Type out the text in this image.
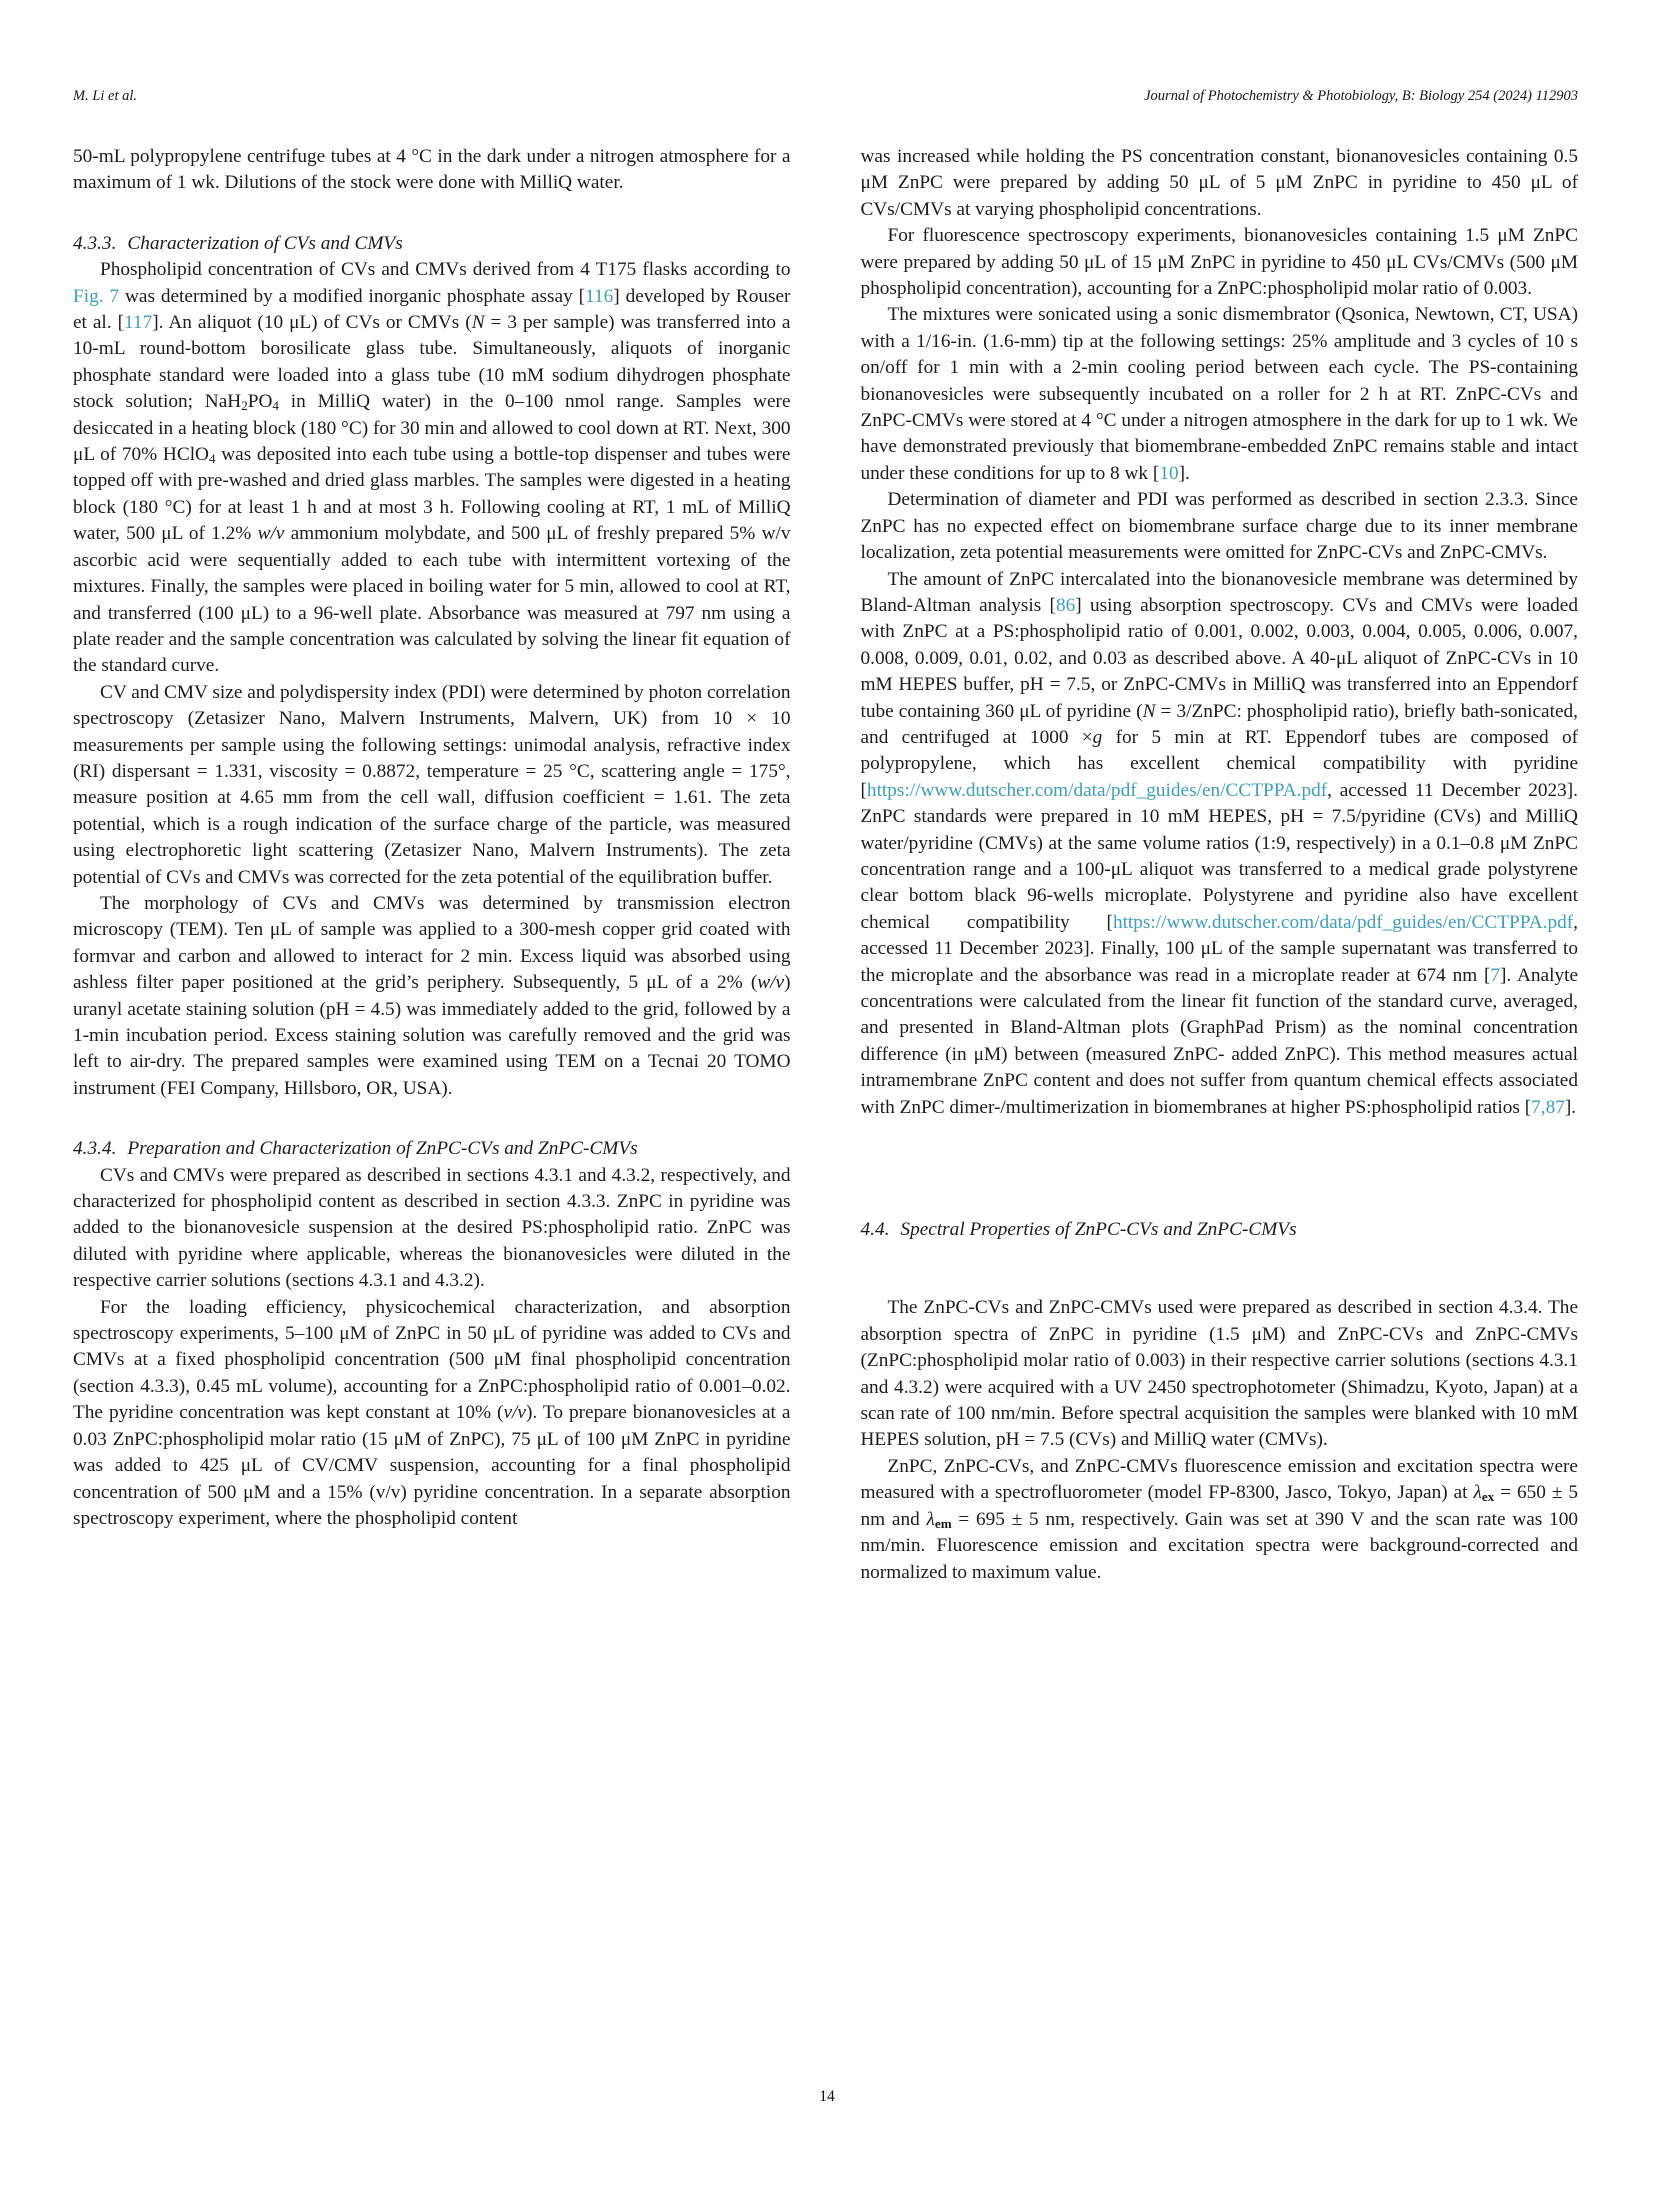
M. Li et al.	Journal of Photochemistry & Photobiology, B: Biology 254 (2024) 112903

50-mL polypropylene centrifuge tubes at 4 °C in the dark under a nitrogen atmosphere for a maximum of 1 wk. Dilutions of the stock were done with MilliQ water.

4.3.3. Characterization of CVs and CMVs

Phospholipid concentration of CVs and CMVs derived from 4 T175 flasks according to Fig. 7 was determined by a modified inorganic phosphate assay [116] developed by Rouser et al. [117]. An aliquot (10 μL) of CVs or CMVs (N = 3 per sample) was transferred into a 10-mL round-bottom borosilicate glass tube. Simultaneously, aliquots of inorganic phosphate standard were loaded into a glass tube (10 mM sodium dihydrogen phosphate stock solution; NaH2PO4 in MilliQ water) in the 0–100 nmol range. Samples were desiccated in a heating block (180 °C) for 30 min and allowed to cool down at RT. Next, 300 μL of 70% HClO4 was deposited into each tube using a bottle-top dispenser and tubes were topped off with pre-washed and dried glass marbles. The samples were digested in a heating block (180 °C) for at least 1 h and at most 3 h. Following cooling at RT, 1 mL of MilliQ water, 500 μL of 1.2% w/v ammonium molybdate, and 500 μL of freshly prepared 5% w/v ascorbic acid were sequentially added to each tube with intermittent vortexing of the mixtures. Finally, the samples were placed in boiling water for 5 min, allowed to cool at RT, and transferred (100 μL) to a 96-well plate. Absorbance was measured at 797 nm using a plate reader and the sample concentration was calculated by solving the linear fit equation of the standard curve.

CV and CMV size and polydispersity index (PDI) were determined by photon correlation spectroscopy (Zetasizer Nano, Malvern Instruments, Malvern, UK) from 10 × 10 measurements per sample using the following settings: unimodal analysis, refractive index (RI) dispersant = 1.331, viscosity = 0.8872, temperature = 25 °C, scattering angle = 175°, measure position at 4.65 mm from the cell wall, diffusion coefficient = 1.61. The zeta potential, which is a rough indication of the surface charge of the particle, was measured using electrophoretic light scattering (Zetasizer Nano, Malvern Instruments). The zeta potential of CVs and CMVs was corrected for the zeta potential of the equilibration buffer.

The morphology of CVs and CMVs was determined by transmission electron microscopy (TEM). Ten μL of sample was applied to a 300-mesh copper grid coated with formvar and carbon and allowed to interact for 2 min. Excess liquid was absorbed using ashless filter paper positioned at the grid’s periphery. Subsequently, 5 μL of a 2% (w/v) uranyl acetate staining solution (pH = 4.5) was immediately added to the grid, followed by a 1-min incubation period. Excess staining solution was carefully removed and the grid was left to air-dry. The prepared samples were examined using TEM on a Tecnai 20 TOMO instrument (FEI Company, Hillsboro, OR, USA).

4.3.4. Preparation and Characterization of ZnPC-CVs and ZnPC-CMVs

CVs and CMVs were prepared as described in sections 4.3.1 and 4.3.2, respectively, and characterized for phospholipid content as described in section 4.3.3. ZnPC in pyridine was added to the bionanovesicle suspension at the desired PS:phospholipid ratio. ZnPC was diluted with pyridine where applicable, whereas the bionanovesicles were diluted in the respective carrier solutions (sections 4.3.1 and 4.3.2).

For the loading efficiency, physicochemical characterization, and absorption spectroscopy experiments, 5–100 μM of ZnPC in 50 μL of pyridine was added to CVs and CMVs at a fixed phospholipid concentration (500 μM final phospholipid concentration (section 4.3.3), 0.45 mL volume), accounting for a ZnPC:phospholipid ratio of 0.001–0.02. The pyridine concentration was kept constant at 10% (v/v). To prepare bionanovesicles at a 0.03 ZnPC:phospholipid molar ratio (15 μM of ZnPC), 75 μL of 100 μM ZnPC in pyridine was added to 425 μL of CV/CMV suspension, accounting for a final phospholipid concentration of 500 μM and a 15% (v/v) pyridine concentration. In a separate absorption spectroscopy experiment, where the phospholipid content

was increased while holding the PS concentration constant, bionanovesicles containing 0.5 μM ZnPC were prepared by adding 50 μL of 5 μM ZnPC in pyridine to 450 μL of CVs/CMVs at varying phospholipid concentrations.

For fluorescence spectroscopy experiments, bionanovesicles containing 1.5 μM ZnPC were prepared by adding 50 μL of 15 μM ZnPC in pyridine to 450 μL CVs/CMVs (500 μM phospholipid concentration), accounting for a ZnPC:phospholipid molar ratio of 0.003.

The mixtures were sonicated using a sonic dismembrator (Qsonica, Newtown, CT, USA) with a 1/16-in. (1.6-mm) tip at the following settings: 25% amplitude and 3 cycles of 10 s on/off for 1 min with a 2-min cooling period between each cycle. The PS-containing bionanovesicles were subsequently incubated on a roller for 2 h at RT. ZnPC-CVs and ZnPC-CMVs were stored at 4 °C under a nitrogen atmosphere in the dark for up to 1 wk. We have demonstrated previously that biomembrane-embedded ZnPC remains stable and intact under these conditions for up to 8 wk [10].

Determination of diameter and PDI was performed as described in section 2.3.3. Since ZnPC has no expected effect on biomembrane surface charge due to its inner membrane localization, zeta potential measurements were omitted for ZnPC-CVs and ZnPC-CMVs.

The amount of ZnPC intercalated into the bionanovesicle membrane was determined by Bland-Altman analysis [86] using absorption spectroscopy. CVs and CMVs were loaded with ZnPC at a PS:phospholipid ratio of 0.001, 0.002, 0.003, 0.004, 0.005, 0.006, 0.007, 0.008, 0.009, 0.01, 0.02, and 0.03 as described above. A 40-μL aliquot of ZnPC-CVs in 10 mM HEPES buffer, pH = 7.5, or ZnPC-CMVs in MilliQ was transferred into an Eppendorf tube containing 360 μL of pyridine (N = 3/ZnPC: phospholipid ratio), briefly bath-sonicated, and centrifuged at 1000 ×g for 5 min at RT. Eppendorf tubes are composed of polypropylene, which has excellent chemical compatibility with pyridine [https://www.dutscher.com/data/pdf_guides/en/CCTPPA.pdf, accessed 11 December 2023]. ZnPC standards were prepared in 10 mM HEPES, pH = 7.5/pyridine (CVs) and MilliQ water/pyridine (CMVs) at the same volume ratios (1:9, respectively) in a 0.1–0.8 μM ZnPC concentration range and a 100-μL aliquot was transferred to a medical grade polystyrene clear bottom black 96-wells microplate. Polystyrene and pyridine also have excellent chemical compatibility [https://www.dutscher.com/data/pdf_guides/en/CCTPPA.pdf, accessed 11 December 2023]. Finally, 100 μL of the sample supernatant was transferred to the microplate and the absorbance was read in a microplate reader at 674 nm [7]. Analyte concentrations were calculated from the linear fit function of the standard curve, averaged, and presented in Bland-Altman plots (GraphPad Prism) as the nominal concentration difference (in μM) between (measured ZnPC- added ZnPC). This method measures actual intramembrane ZnPC content and does not suffer from quantum chemical effects associated with ZnPC dimer-/multimerization in biomembranes at higher PS:phospholipid ratios [7,87].

4.4. Spectral Properties of ZnPC-CVs and ZnPC-CMVs

The ZnPC-CVs and ZnPC-CMVs used were prepared as described in section 4.3.4. The absorption spectra of ZnPC in pyridine (1.5 μM) and ZnPC-CVs and ZnPC-CMVs (ZnPC:phospholipid molar ratio of 0.003) in their respective carrier solutions (sections 4.3.1 and 4.3.2) were acquired with a UV 2450 spectrophotometer (Shimadzu, Kyoto, Japan) at a scan rate of 100 nm/min. Before spectral acquisition the samples were blanked with 10 mM HEPES solution, pH = 7.5 (CVs) and MilliQ water (CMVs).

ZnPC, ZnPC-CVs, and ZnPC-CMVs fluorescence emission and excitation spectra were measured with a spectrofluorometer (model FP-8300, Jasco, Tokyo, Japan) at λex = 650 ± 5 nm and λem = 695 ± 5 nm, respectively. Gain was set at 390 V and the scan rate was 100 nm/min. Fluorescence emission and excitation spectra were background-corrected and normalized to maximum value.

14
